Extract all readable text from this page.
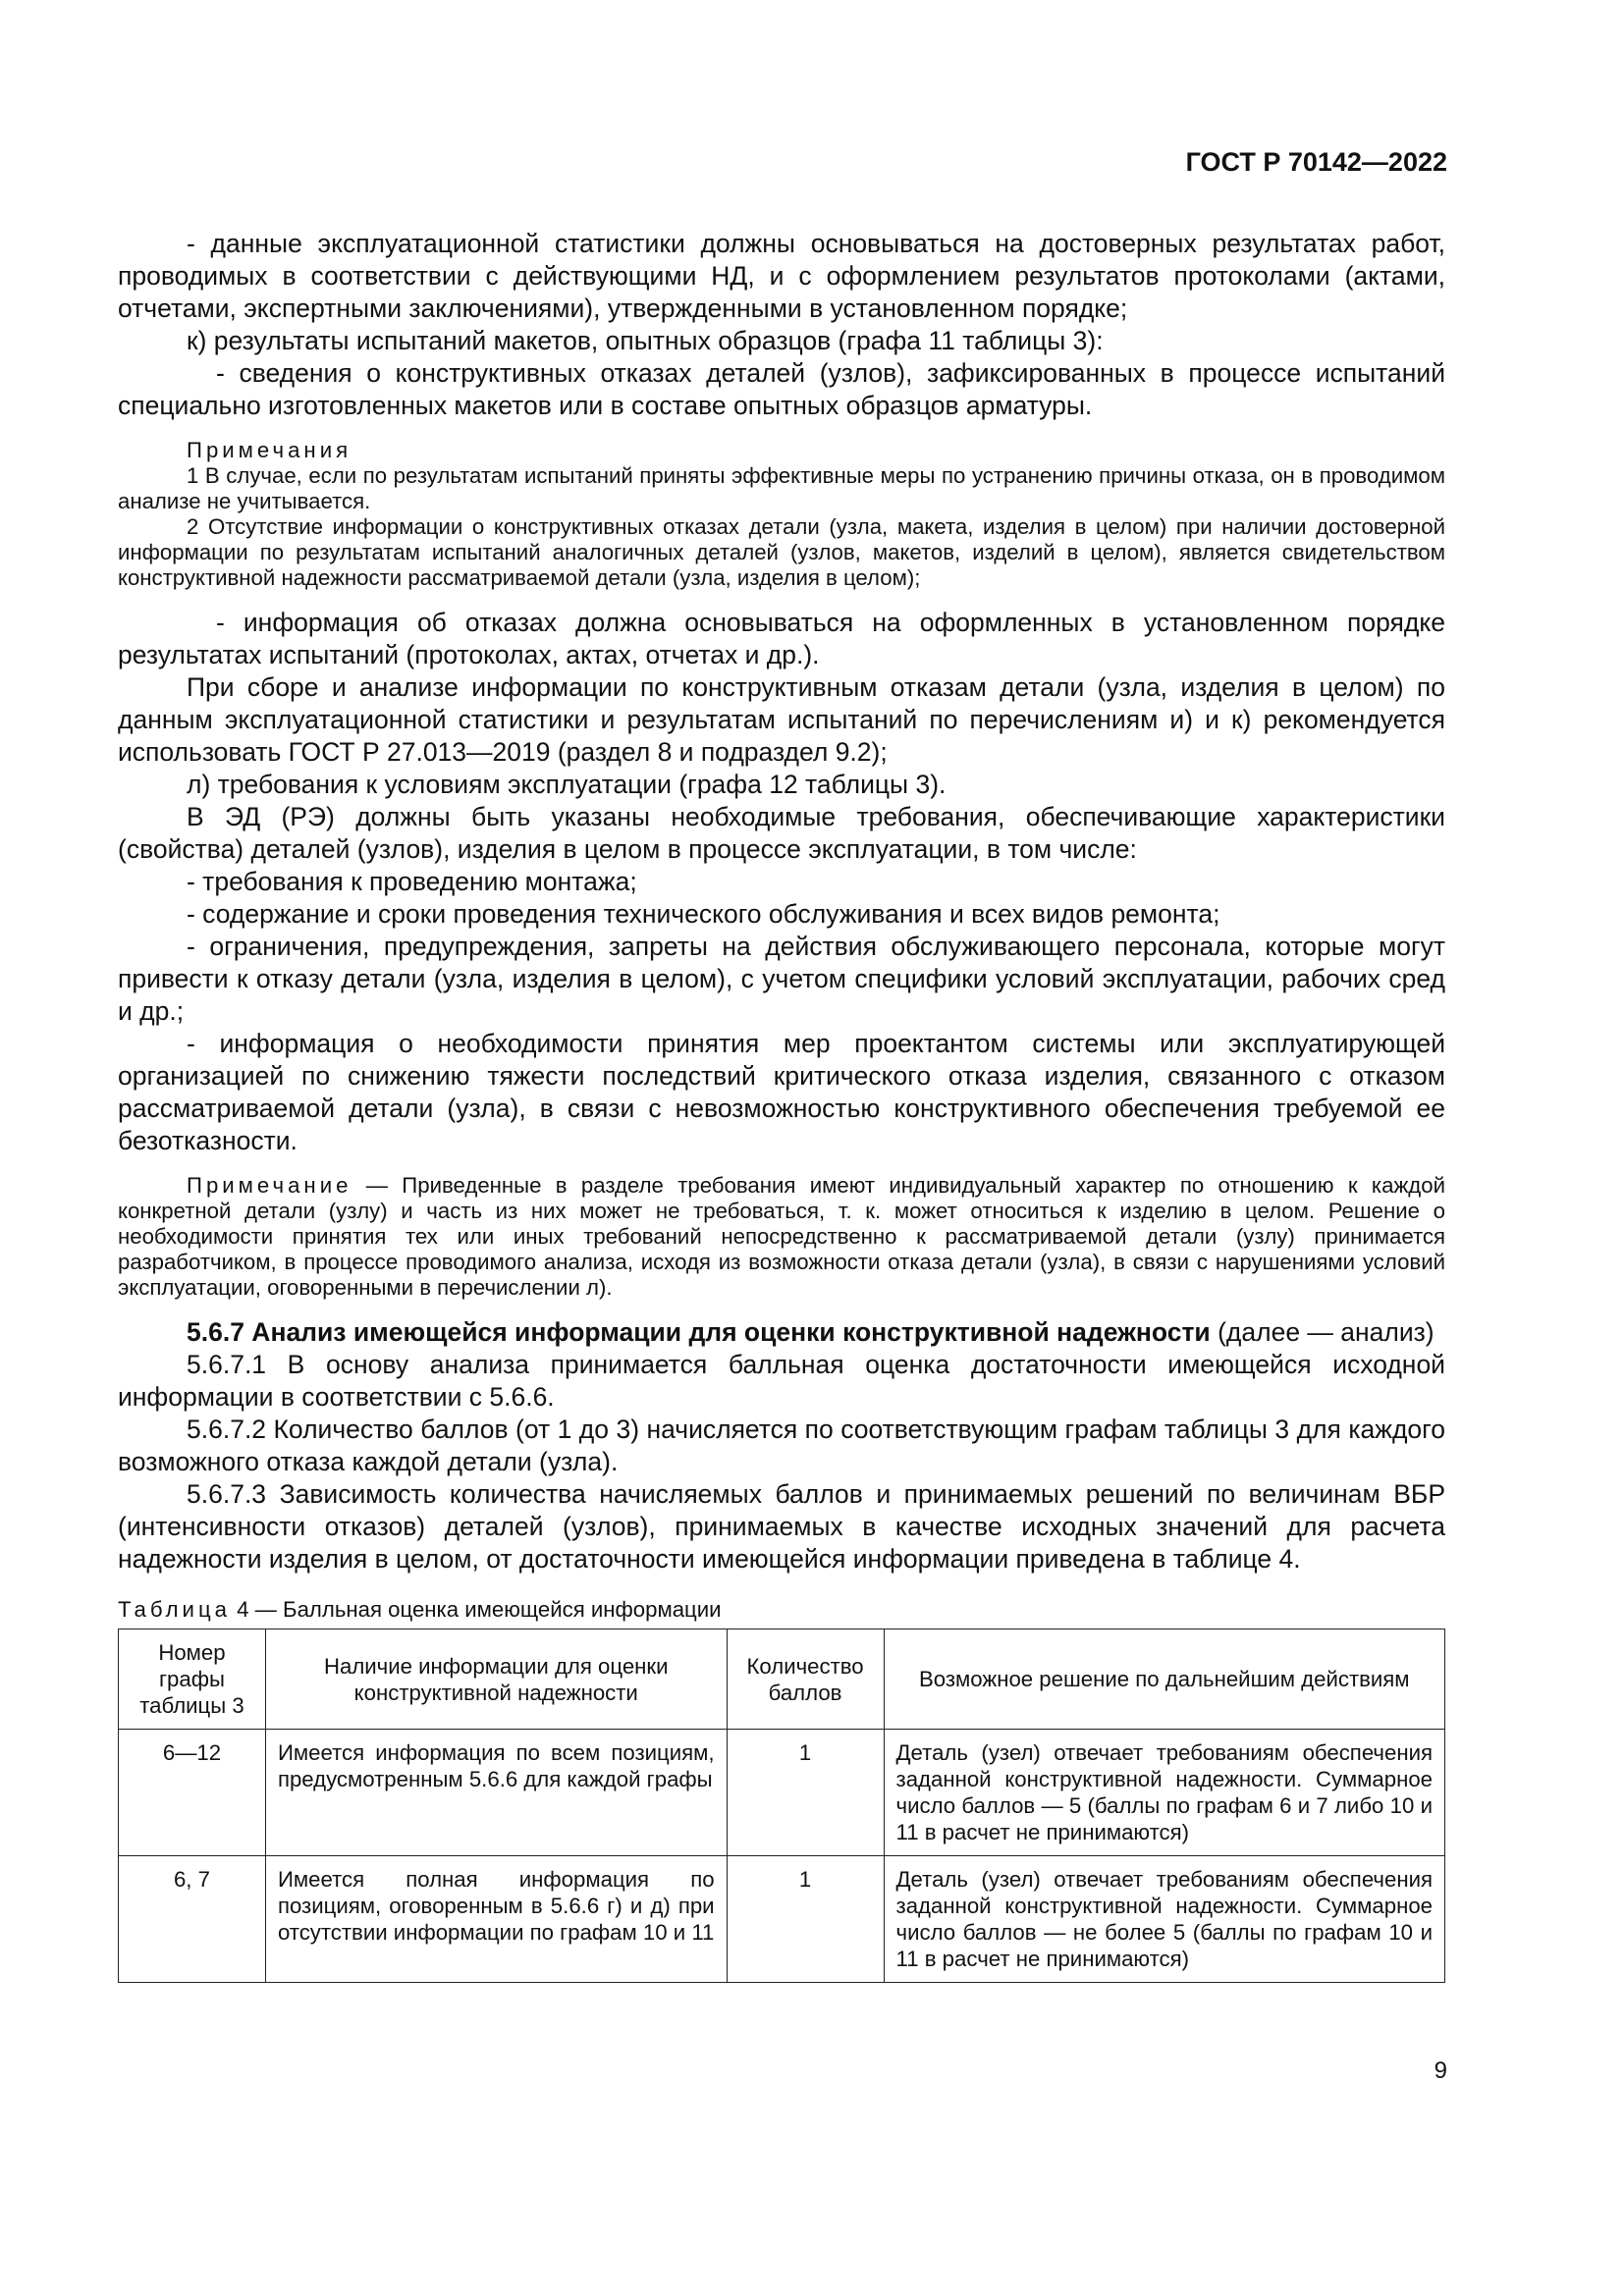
ГОСТ Р 70142—2022

- данные эксплуатационной статистики должны основываться на достоверных результатах работ, проводимых в соответствии с действующими НД, и с оформлением результатов протоколами (актами, отчетами, экспертными заключениями), утвержденными в установленном порядке;

к) результаты испытаний макетов, опытных образцов (графа 11 таблицы 3):

- сведения о конструктивных отказах деталей (узлов), зафиксированных в процессе испытаний специально изготовленных макетов или в составе опытных образцов арматуры.

Примечания

1 В случае, если по результатам испытаний приняты эффективные меры по устранению причины отказа, он в проводимом анализе не учитывается.

2 Отсутствие информации о конструктивных отказах детали (узла, макета, изделия в целом) при наличии достоверной информации по результатам испытаний аналогичных деталей (узлов, макетов, изделий в целом), является свидетельством конструктивной надежности рассматриваемой детали (узла, изделия в целом);

- информация об отказах должна основываться на оформленных в установленном порядке результатах испытаний (протоколах, актах, отчетах и др.).

При сборе и анализе информации по конструктивным отказам детали (узла, изделия в целом) по данным эксплуатационной статистики и результатам испытаний по перечислениям и) и к) рекомендуется использовать ГОСТ Р 27.013—2019 (раздел 8 и подраздел 9.2);

л) требования к условиям эксплуатации (графа 12 таблицы 3).

В ЭД (РЭ) должны быть указаны необходимые требования, обеспечивающие характеристики (свойства) деталей (узлов), изделия в целом в процессе эксплуатации, в том числе:

- требования к проведению монтажа;

- содержание и сроки проведения технического обслуживания и всех видов ремонта;

- ограничения, предупреждения, запреты на действия обслуживающего персонала, которые могут привести к отказу детали (узла, изделия в целом), с учетом специфики условий эксплуатации, рабочих сред и др.;

- информация о необходимости принятия мер проектантом системы или эксплуатирующей организацией по снижению тяжести последствий критического отказа изделия, связанного с отказом рассматриваемой детали (узла), в связи с невозможностью конструктивного обеспечения требуемой ее безотказности.

Примечание — Приведенные в разделе требования имеют индивидуальный характер по отношению к каждой конкретной детали (узлу) и часть из них может не требоваться, т. к. может относиться к изделию в целом. Решение о необходимости принятия тех или иных требований непосредственно к рассматриваемой детали (узлу) принимается разработчиком, в процессе проводимого анализа, исходя из возможности отказа детали (узла), в связи с нарушениями условий эксплуатации, оговоренными в перечислении л).

5.6.7 Анализ имеющейся информации для оценки конструктивной надежности (далее — анализ)

5.6.7.1 В основу анализа принимается балльная оценка достаточности имеющейся исходной информации в соответствии с 5.6.6.

5.6.7.2 Количество баллов (от 1 до 3) начисляется по соответствующим графам таблицы 3 для каждого возможного отказа каждой детали (узла).

5.6.7.3 Зависимость количества начисляемых баллов и принимаемых решений по величинам ВБР (интенсивности отказов) деталей (узлов), принимаемых в качестве исходных значений для расчета надежности изделия в целом, от достаточности имеющейся информации приведена в таблице 4.

Таблица 4 — Балльная оценка имеющейся информации
Номер графы таблицы 3	Наличие информации для оценки конструктивной надежности	Количество баллов	Возможное решение по дальнейшим действиям
6—12	Имеется информация по всем позициям, предусмотренным 5.6.6 для каждой графы	1	Деталь (узел) отвечает требованиям обеспечения заданной конструктивной надежности. Суммарное число баллов — 5 (баллы по графам 6 и 7 либо 10 и 11 в расчет не принимаются)
6, 7	Имеется полная информация по позициям, оговоренным в 5.6.6 г) и д) при отсутствии информации по графам 10 и 11	1	Деталь (узел) отвечает требованиям обеспечения заданной конструктивной надежности. Суммарное число баллов — не более 5 (баллы по графам 10 и 11 в расчет не принимаются)
9
